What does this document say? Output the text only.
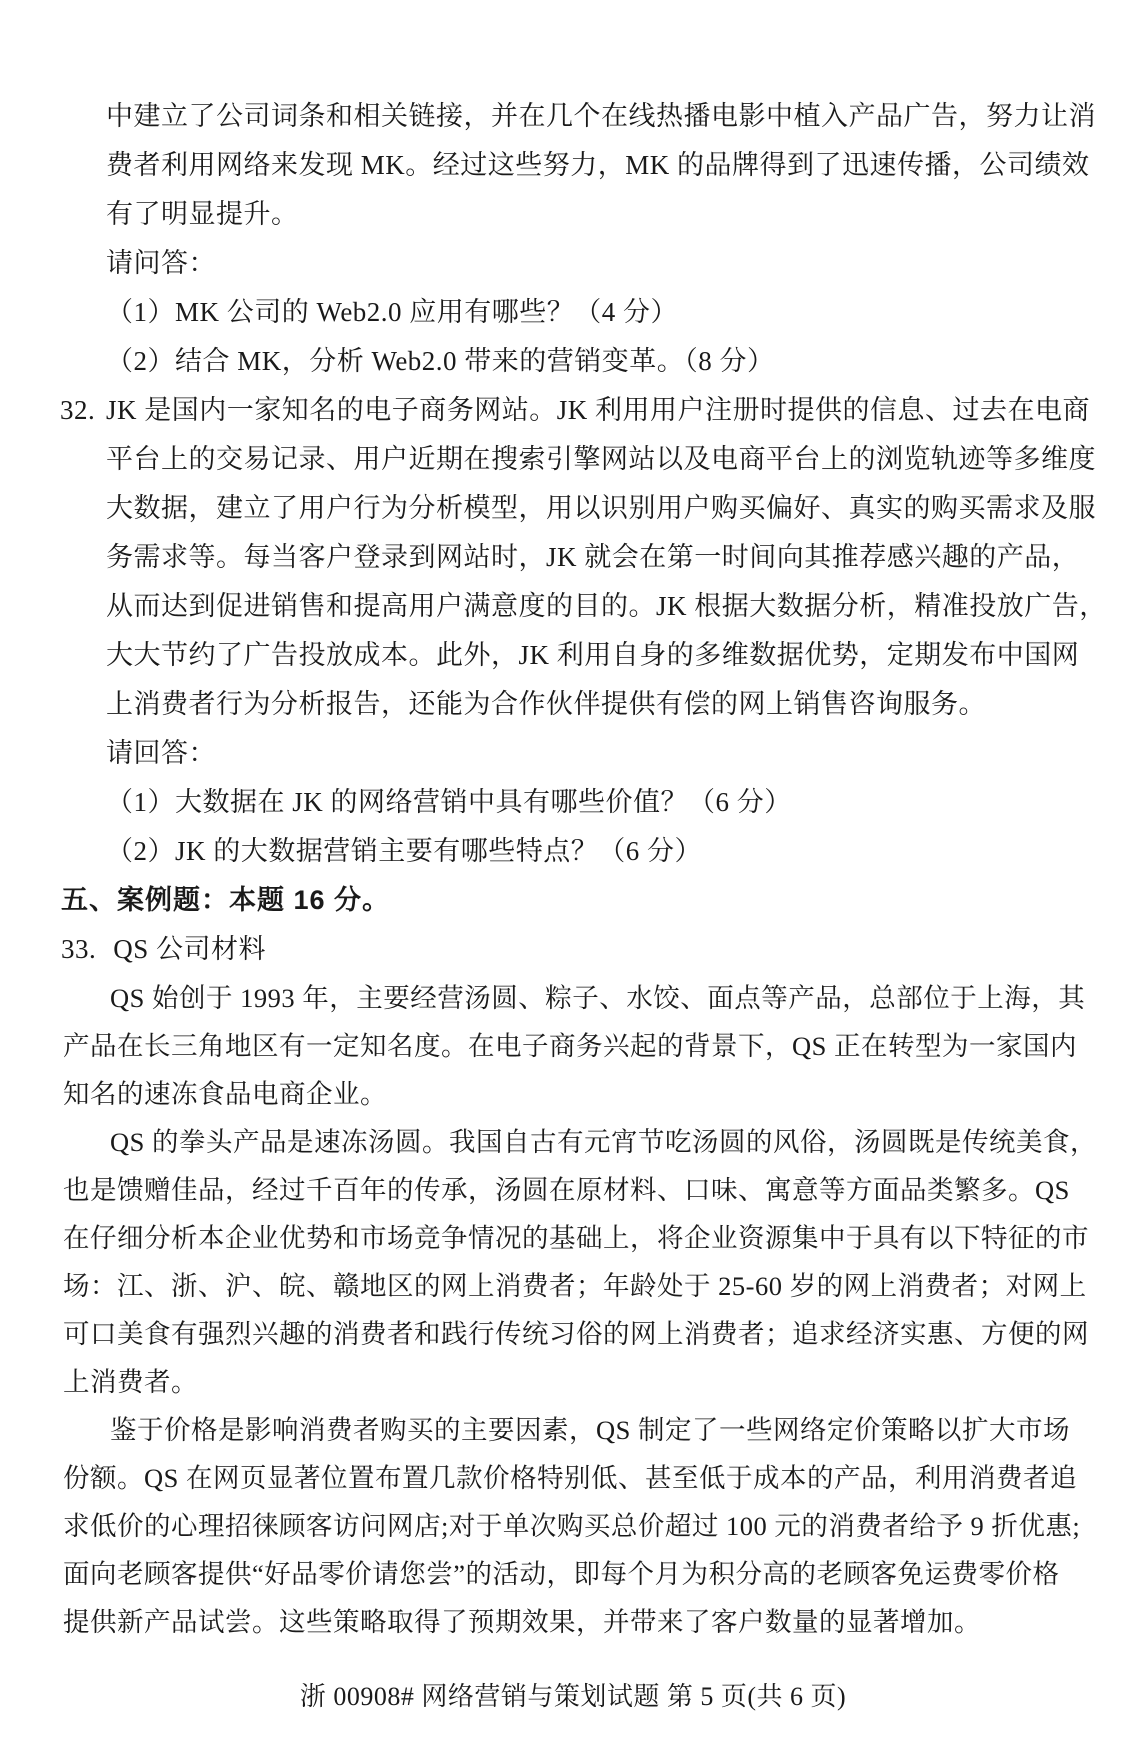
中建立了公司词条和相关链接，并在几个在线热播电影中植入产品广告，努力让消
费者利用网络来发现 MK。经过这些努力，MK 的品牌得到了迅速传播，公司绩效
有了明显提升。
请问答：
（1）MK 公司的 Web2.0 应用有哪些？（4 分）
（2）结合 MK，分析 Web2.0 带来的营销变革。（8 分）
32. JK 是国内一家知名的电子商务网站。JK 利用用户注册时提供的信息、过去在电商
平台上的交易记录、用户近期在搜索引擎网站以及电商平台上的浏览轨迹等多维度
大数据，建立了用户行为分析模型，用以识别用户购买偏好、真实的购买需求及服
务需求等。每当客户登录到网站时，JK 就会在第一时间向其推荐感兴趣的产品，
从而达到促进销售和提高用户满意度的目的。JK 根据大数据分析，精准投放广告，
大大节约了广告投放成本。此外，JK 利用自身的多维数据优势，定期发布中国网
上消费者行为分析报告，还能为合作伙伴提供有偿的网上销售咨询服务。
请回答：
（1）大数据在 JK 的网络营销中具有哪些价值？（6 分）
（2）JK 的大数据营销主要有哪些特点？（6 分）
五、案例题：本题 16 分。
33. QS 公司材料
QS 始创于 1993 年，主要经营汤圆、粽子、水饺、面点等产品，总部位于上海，其
产品在长三角地区有一定知名度。在电子商务兴起的背景下，QS 正在转型为一家国内
知名的速冻食品电商企业。
QS 的拳头产品是速冻汤圆。我国自古有元宵节吃汤圆的风俗，汤圆既是传统美食，
也是馈赠佳品，经过千百年的传承，汤圆在原材料、口味、寓意等方面品类繁多。QS
在仔细分析本企业优势和市场竞争情况的基础上，将企业资源集中于具有以下特征的市
场：江、浙、沪、皖、赣地区的网上消费者；年龄处于 25-60 岁的网上消费者；对网上
可口美食有强烈兴趣的消费者和践行传统习俗的网上消费者；追求经济实惠、方便的网
上消费者。
鉴于价格是影响消费者购买的主要因素，QS 制定了一些网络定价策略以扩大市场
份额。QS 在网页显著位置布置几款价格特别低、甚至低于成本的产品，利用消费者追
求低价的心理招徕顾客访问网店;对于单次购买总价超过 100 元的消费者给予 9 折优惠;
面向老顾客提供“好品零价请您尝”的活动，即每个月为积分高的老顾客免运费零价格
提供新产品试尝。这些策略取得了预期效果，并带来了客户数量的显著增加。
浙 00908# 网络营销与策划试题 第 5 页(共 6 页)
